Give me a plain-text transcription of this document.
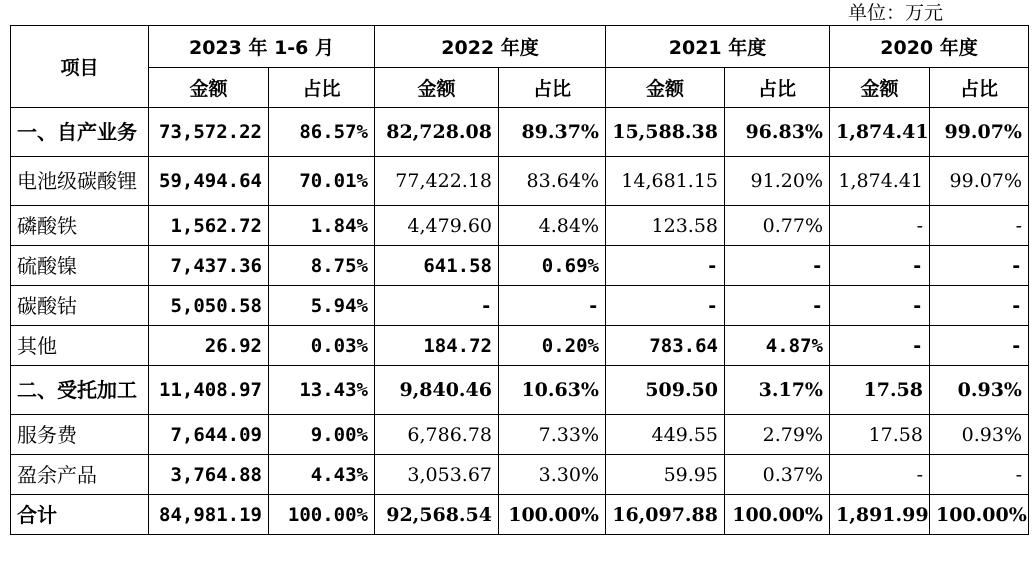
单位：万元
项目	2023 年 1-6 月		2022 年度		2021 年度		2020 年度	
	金额	占比	金额	占比	金额	占比	金额	占比
一、自产业务	73,572.22	86.57%	82,728.08	89.37%	15,588.38	96.83%	1,874.41	99.07%
电池级碳酸锂	59,494.64	70.01%	77,422.18	83.64%	14,681.15	91.20%	1,874.41	99.07%
磷酸铁	1,562.72	1.84%	4,479.60	4.84%	123.58	0.77%	-	-
硫酸镍	7,437.36	8.75%	641.58	0.69%	-	-	-	-
碳酸钴	5,050.58	5.94%	-	-	-	-	-	-
其他	26.92	0.03%	184.72	0.20%	783.64	4.87%	-	-
二、受托加工	11,408.97	13.43%	9,840.46	10.63%	509.50	3.17%	17.58	0.93%
服务费	7,644.09	9.00%	6,786.78	7.33%	449.55	2.79%	17.58	0.93%
盈余产品	3,764.88	4.43%	3,053.67	3.30%	59.95	0.37%	-	-
合计	84,981.19	100.00%	92,568.54	100.00%	16,097.88	100.00%	1,891.99	100.00%
